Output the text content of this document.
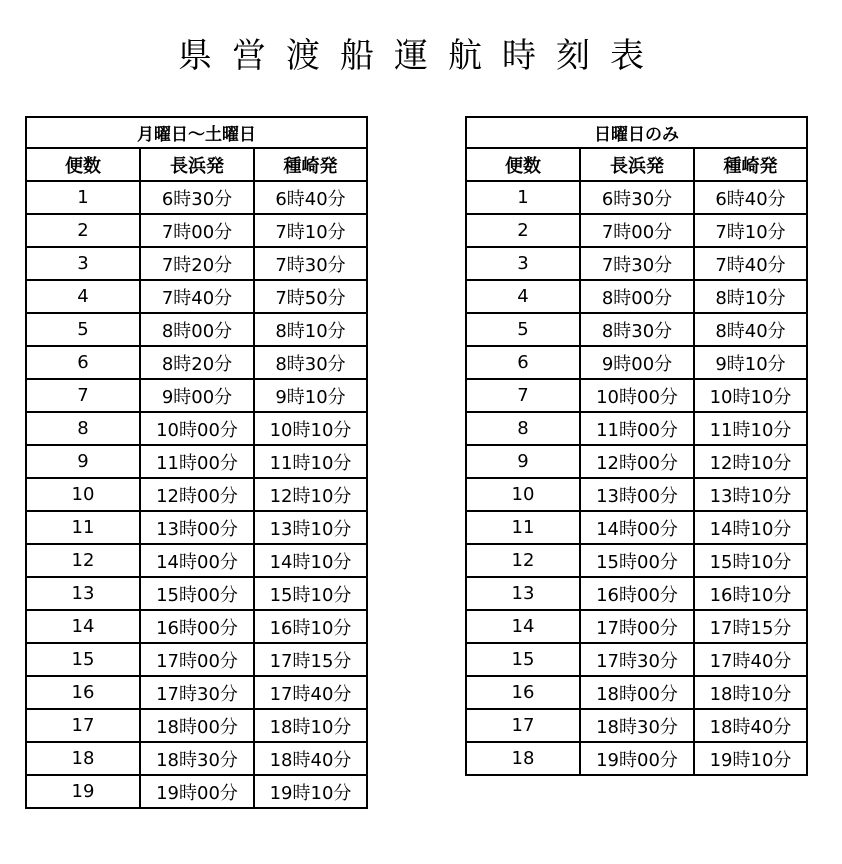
県営渡船運航時刻表
月曜日～土曜日		
便数	長浜発	種崎発
1	6時30分	6時40分
2	7時00分	7時10分
3	7時20分	7時30分
4	7時40分	7時50分
5	8時00分	8時10分
6	8時20分	8時30分
7	9時00分	9時10分
8	10時00分	10時10分
9	11時00分	11時10分
10	12時00分	12時10分
11	13時00分	13時10分
12	14時00分	14時10分
13	15時00分	15時10分
14	16時00分	16時10分
15	17時00分	17時15分
16	17時30分	17時40分
17	18時00分	18時10分
18	18時30分	18時40分
19	19時00分	19時10分
日曜日のみ		
便数	長浜発	種崎発
1	6時30分	6時40分
2	7時00分	7時10分
3	7時30分	7時40分
4	8時00分	8時10分
5	8時30分	8時40分
6	9時00分	9時10分
7	10時00分	10時10分
8	11時00分	11時10分
9	12時00分	12時10分
10	13時00分	13時10分
11	14時00分	14時10分
12	15時00分	15時10分
13	16時00分	16時10分
14	17時00分	17時15分
15	17時30分	17時40分
16	18時00分	18時10分
17	18時30分	18時40分
18	19時00分	19時10分
